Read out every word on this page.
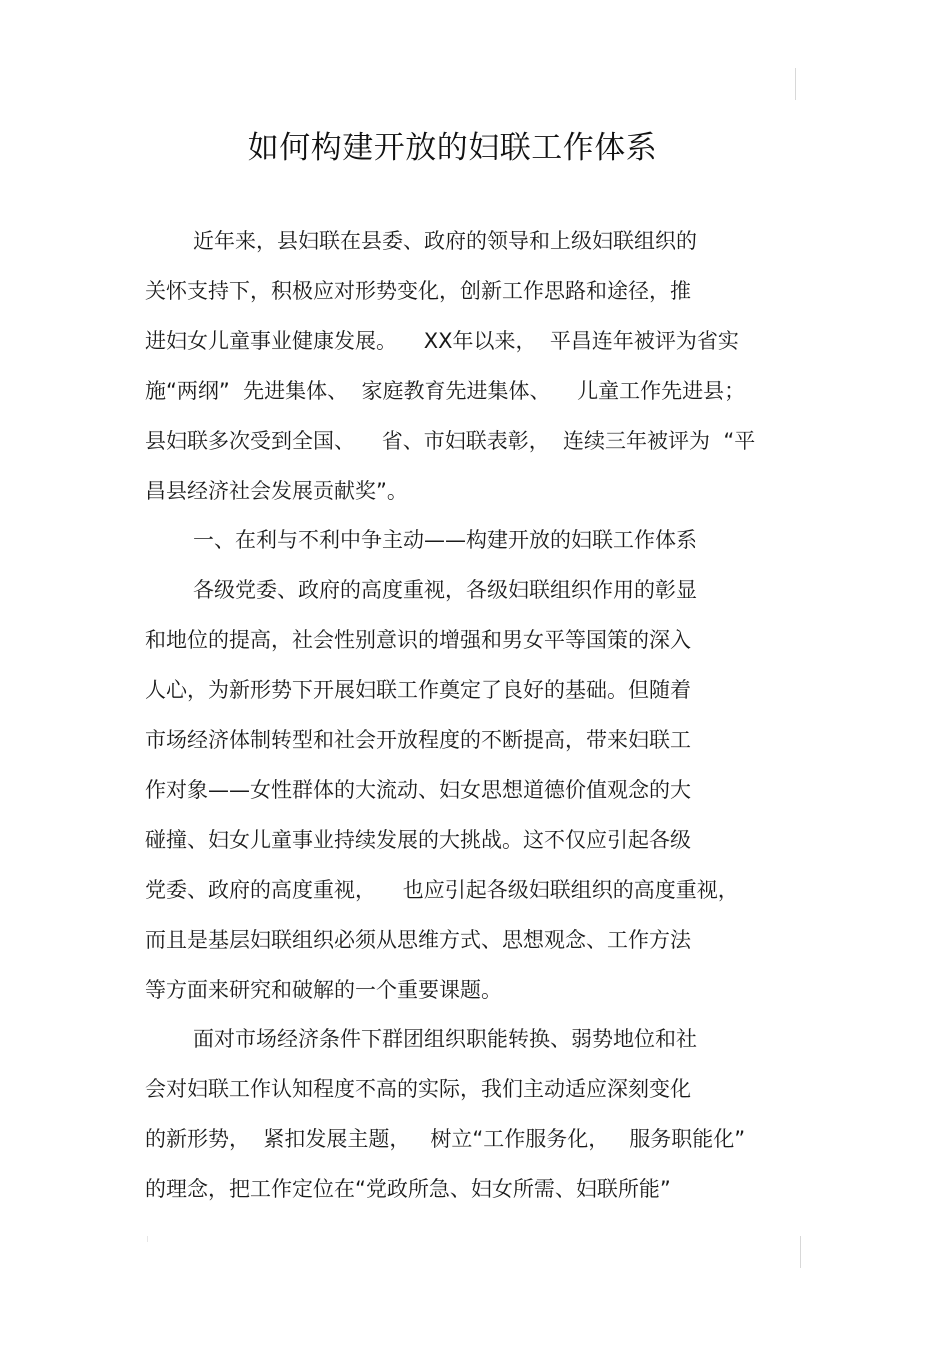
如何构建开放的妇联工作体系

近年来，县妇联在县委、政府的领导和上级妇联组织的

关怀支持下，积极应对形势变化，创新工作思路和途径，推

进妇女儿童事业健康发展。    XX年以来，  平昌连年被评为省实

施“两纲”  先进集体、  家庭教育先进集体、    儿童工作先进县；

县妇联多次受到全国、    省、市妇联表彰，  连续三年被评为  “平

昌县经济社会发展贡献奖”。

一、在利与不利中争主动——构建开放的妇联工作体系

各级党委、政府的高度重视，各级妇联组织作用的彰显

和地位的提高，社会性别意识的增强和男女平等国策的深入

人心，为新形势下开展妇联工作奠定了良好的基础。但随着

市场经济体制转型和社会开放程度的不断提高，带来妇联工

作对象——女性群体的大流动、妇女思想道德价值观念的大

碰撞、妇女儿童事业持续发展的大挑战。这不仅应引起各级

党委、政府的高度重视，    也应引起各级妇联组织的高度重视，

而且是基层妇联组织必须从思维方式、思想观念、工作方法

等方面来研究和破解的一个重要课题。

面对市场经济条件下群团组织职能转换、弱势地位和社

会对妇联工作认知程度不高的实际，我们主动适应深刻变化

的新形势，  紧扣发展主题，   树立“工作服务化，   服务职能化”

的理念，把工作定位在“党政所急、妇女所需、妇联所能”
